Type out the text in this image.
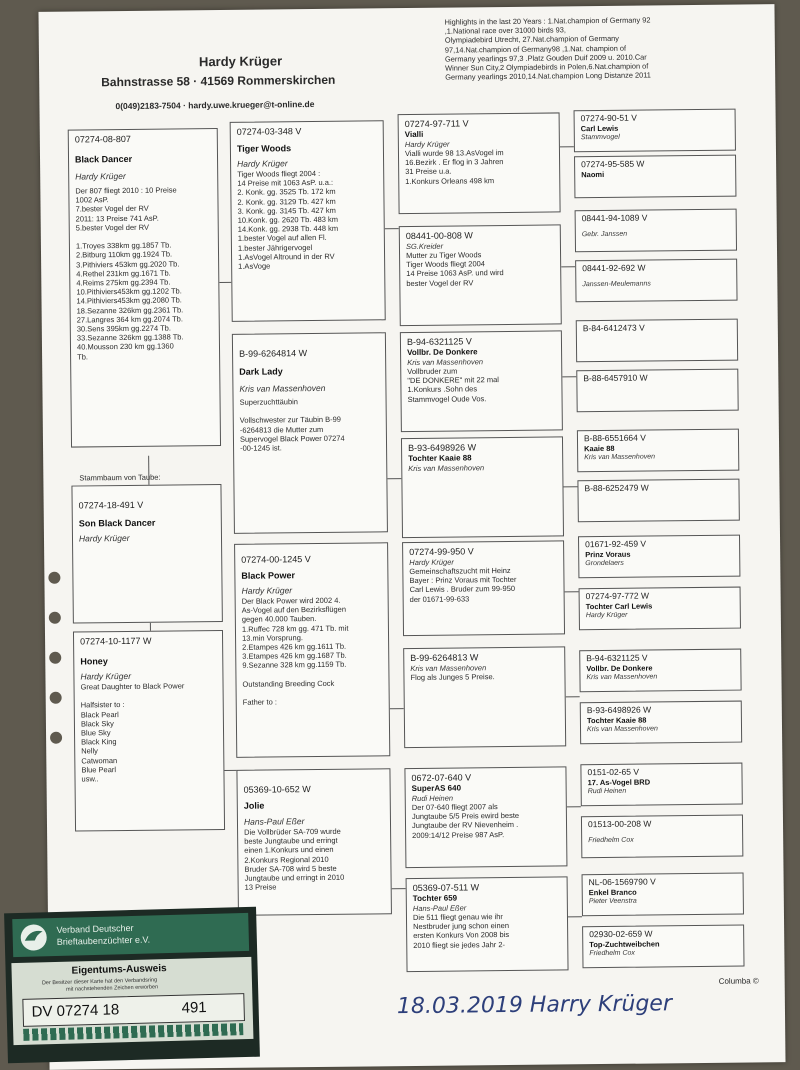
Hardy Krüger
Bahnstrasse 58 · 41569 Rommerskirchen
0(049)2183-7504 · hardy.uwe.krueger@t-online.de
Highlights in the last 20 Years : 1.Nat.champion of Germany 92
,1.National race over 31000 birds 93,
Olympiadebird Utrecht, 27.Nat.champion of Germany
97,14.Nat.champion of Germany98 ,1.Nat. champion of
Germany yearlings 97,3 .Platz Gouden Duif 2009 u. 2010.Car
Winner Sun City,2 Olympiadebirds in Polen,6.Nat.champion of
Germany yearlings 2010,14.Nat.champion Long Distanze 2011
07274-08-807
Black Dancer
Hardy Krüger
Der 807 fliegt 2010 : 10 Preise
1002 AsP.
7.bester Vogel der RV
2011: 13 Preise 741 AsP.
5.bester Vogel der RV

1.Troyes 338km gg.1857 Tb.
2.Bitburg 110km gg.1924 Tb.
3.Pithiviers 453km gg.2020 Tb.
4.Rethel 231km gg.1671 Tb.
4.Reims 275km gg.2394 Tb.
10.Pithiviers453km gg.1202 Tb.
14.Pithiviers453km gg.2080 Tb.
18.Sezanne 326km gg.2361 Tb.
27.Langres 364 km gg.2074 Tb.
30.Sens 395km gg.2274 Tb.
33.Sezanne 326km gg.1388 Tb.
40.Mousson 230 km gg.1360
Tb.
Stammbaum von Taube:
07274-18-491 V
Son Black Dancer
Hardy Krüger
07274-10-1177 W
Honey
Hardy Krüger
Great Daughter to Black Power

Halfsister to :
Black Pearl
Black Sky
Blue Sky
Black King
Nelly
Catwoman
Blue Pearl
usw..
07274-03-348 V
Tiger Woods
Hardy Krüger
Tiger Woods fliegt 2004 :
14 Preise mit 1063 AsP. u.a.:
2. Konk. gg. 3525 Tb. 172 km
2. Konk. gg. 3129 Tb. 427 km
3. Konk. gg. 3145 Tb. 427 km
10.Konk. gg. 2620 Tb. 483 km
14.Konk. gg. 2938 Tb. 448 km
1.bester Vogel auf allen Fl.
1.bester Jährigervogel
1.AsVogel Altround in der RV
1.AsVoge
B-99-6264814 W
Dark Lady
Kris van Massenhoven
Superzuchttäubin

Vollschwester zur Täubin B-99
-6264813 die Mutter zum
Supervogel Black Power 07274
-00-1245 ist.
07274-00-1245 V
Black Power
Hardy Krüger
Der Black Power wird 2002 4.
As-Vogel auf den Bezirksflügen
gegen 40.000 Tauben.
1.Ruffec 728 km gg. 471 Tb. mit
13.min Vorsprung.
2.Etampes 426 km gg.1611 Tb.
3.Etampes 426 km gg.1687 Tb.
9.Sezanne 328 km gg.1159 Tb.

Outstanding Breeding Cock

Father to :
05369-10-652 W
Jolie
Hans-Paul Eßer
Die Vollbrüder SA-709 wurde
beste Jungtaube und erringt
einen 1.Konkurs und einen
2.Konkurs Regional 2010
Bruder SA-708 wird 5 beste
Jungtaube und erringt in 2010
13 Preise
07274-97-711 V
Vialli
Hardy Krüger
Vialli wurde 98 13.AsVogel im
16.Bezirk . Er flog in 3 Jahren
31 Preise u.a.
1.Konkurs Orleans 498 km
08441-00-808 W
SG.Kreider
Mutter zu Tiger Woods
Tiger Woods fliegt 2004
14 Preise 1063 AsP. und wird
bester Vogel der RV
B-94-6321125 V
Vollbr. De Donkere
Kris van Massenhoven
Vollbruder zum
"DE DONKERE" mit 22 mal
1.Konkurs .Sohn des
Stammvogel Oude Vos.
B-93-6498926 W
Tochter Kaaie 88
Kris van Massenhoven
07274-99-950 V
Hardy Krüger
Gemeinschaftszucht mit Heinz
Bayer : Prinz Voraus mit Tochter
Carl Lewis . Bruder zum 99-950
der 01671-99-633
B-99-6264813 W
Kris van Massenhoven
Flog als Junges 5 Preise.
0672-07-640 V
SuperAS 640
Rudi Heinen
Der 07-640 fliegt 2007 als
Jungtaube 5/5 Preis ewird beste
Jungtaube der RV Nievenheim .
2009:14/12 Preise 987 AsP.
05369-07-511 W
Tochter 659
Hans-Paul Eßer
Die 511 fliegt genau wie ihr
Nestbruder jung schon einen
ersten Konkurs Von 2008 bis
2010 fliegt sie jedes Jahr 2-
07274-90-51 V
Carl Lewis
Stammvogel
07274-95-585 W
Naomi
08441-94-1089 V
Gebr. Janssen
08441-92-692 W
Janssen-Meulemanns
B-84-6412473 V
B-88-6457910 W
B-88-6551664 V
Kaaie 88
Kris van Massenhoven
B-88-6252479 W
01671-92-459 V
Prinz Voraus
Grondelaers
07274-97-772 W
Tochter Carl Lewis
Hardy Krüger
B-94-6321125 V
Vollbr. De Donkere
Kris van Massenhoven
B-93-6498926 W
Tochter Kaaie 88
Kris van Massenhoven
0151-02-65 V
17. As-Vogel BRD
Rudi Heinen
01513-00-208 W
Friedhelm Cox
NL-06-1569790 V
Enkel Branco
Pieter Veenstra
02930-02-659 W
Top-Zuchtweibchen
Friedhelm Cox
Columba ©
18.03.2019 Harry Krüger
Verband Deutscher
Brieftaubenzüchter e.V.
Eigentums-Ausweis
Der Besitzer dieser Karte hat den Verbandsring
mit nachstehenden Zeichen erworben
DV 07274 18	491
